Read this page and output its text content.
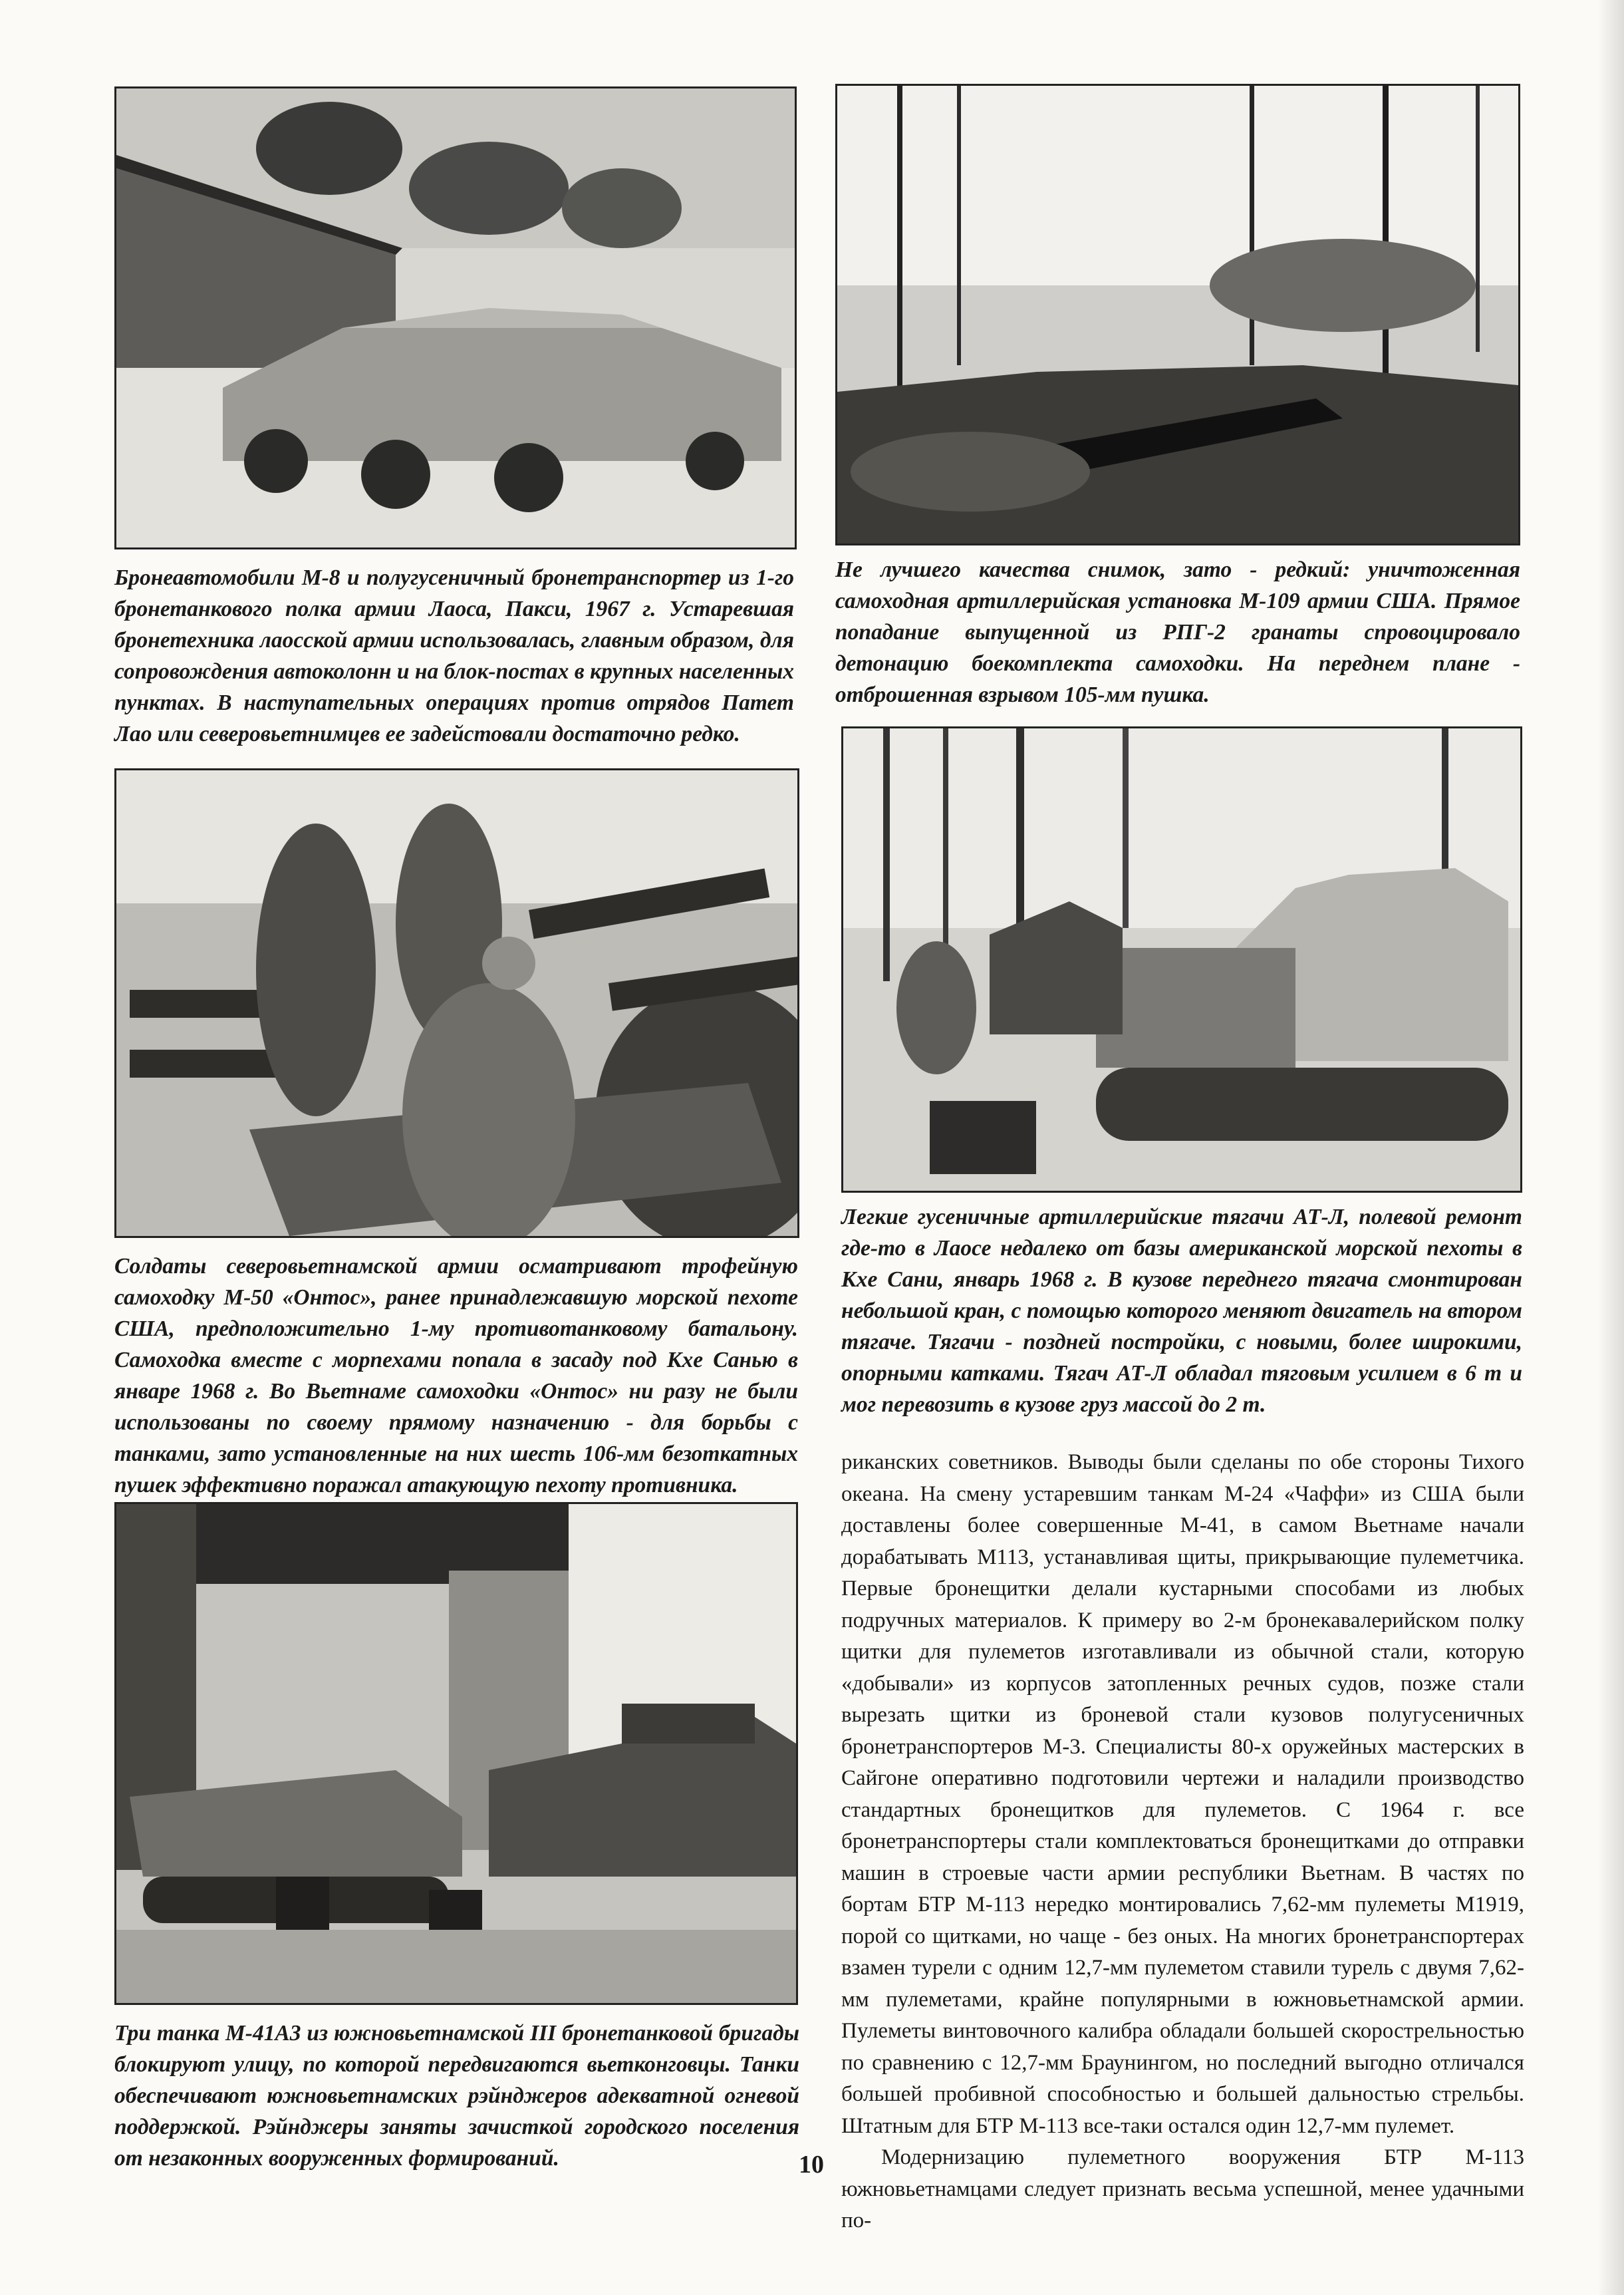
Бронеавтомобили М-8 и полугусеничный бронетранспортер из 1-го бронетанкового полка армии Лаоса, Пакси, 1967 г. Устаревшая бронетехника лаосской армии использовалась, главным образом, для сопровождения автоколонн и на блок-постах в крупных населенных пунктах. В наступательных операциях против отрядов Патет Лао или северовьетнимцев ее задейстовали достаточно редко.

Не лучшего качества снимок, зато - редкий: уничтоженная самоходная артиллерийская установка М-109 армии США. Прямое попадание выпущенной из РПГ-2 гранаты спровоцировало детонацию боекомплекта самоходки. На переднем плане - отброшенная взрывом 105-мм пушка.

Солдаты северовьетнамской армии осматривают трофейную самоходку М-50 «Онтос», ранее принадлежавшую морской пехоте США, предположительно 1-му противотанковому батальону. Самоходка вместе с морпехами попала в засаду под Кхе Санью в январе 1968 г. Во Вьетнаме самоходки «Онтос» ни разу не были использованы по своему прямому назначению - для борьбы с танками, зато установленные на них шесть 106-мм безоткатных пушек эффективно поражал атакующую пехоту противника.

Легкие гусеничные артиллерийские тягачи АТ-Л, полевой ремонт где-то в Лаосе недалеко от базы американской морской пехоты в Кхе Сани, январь 1968 г. В кузове переднего тягача смонтирован небольшой кран, с помощью которого меняют двигатель на втором тягаче. Тягачи - поздней постройки, с новыми, более широкими, опорными катками. Тягач АТ-Л обладал тяговым усилием в 6 т и мог перевозить в кузове груз массой до 2 т.

Три танка М-41А3 из южновьетнамской III бронетанковой бригады блокируют улицу, по которой передвигаются вьетконговцы. Танки обеспечивают южновьетнамских рэйнджеров адекватной огневой поддержкой. Рэйнджеры заняты зачисткой городского поселения от незаконных вооруженных формирований.

риканских советников. Выводы были сделаны по обе стороны Тихого океана. На смену устаревшим танкам М-24 «Чаффи» из США были доставлены более совершенные М-41, в самом Вьетнаме начали дорабатывать М113, устанавливая щиты, прикрывающие пулеметчика. Первые бронещитки делали кустарными способами из любых подручных материалов. К примеру во 2-м бронекавалерийском полку щитки для пулеметов изготавливали из обычной стали, которую «добывали» из корпусов затопленных речных судов, позже стали вырезать щитки из броневой стали кузовов полугусеничных бронетранспортеров М-3. Специалисты 80-х оружейных мастерских в Сайгоне оперативно подготовили чертежи и наладили производство стандартных бронещитков для пулеметов. С 1964 г. все бронетранспортеры стали комплектоваться бронещитками до отправки машин в строевые части армии республики Вьетнам. В частях по бортам БТР М-113 нередко монтировались 7,62-мм пулеметы М1919, порой со щитками, но чаще - без оных. На многих бронетранспортерах взамен турели с одним 12,7-мм пулеметом ставили турель с двумя 7,62-мм пулеметами, крайне популярными в южновьетнамской армии. Пулеметы винтовочного калибра обладали большей скорострельностью по сравнению с 12,7-мм Браунингом, но последний выгодно отличался большей пробивной способностью и большей дальностью стрельбы. Штатным для БТР М-113 все-таки остался один 12,7-мм пулемет.

Модернизацию пулеметного вооружения БТР М-113 южновьетнамцами следует признать весьма успешной, менее удачными по-

10
